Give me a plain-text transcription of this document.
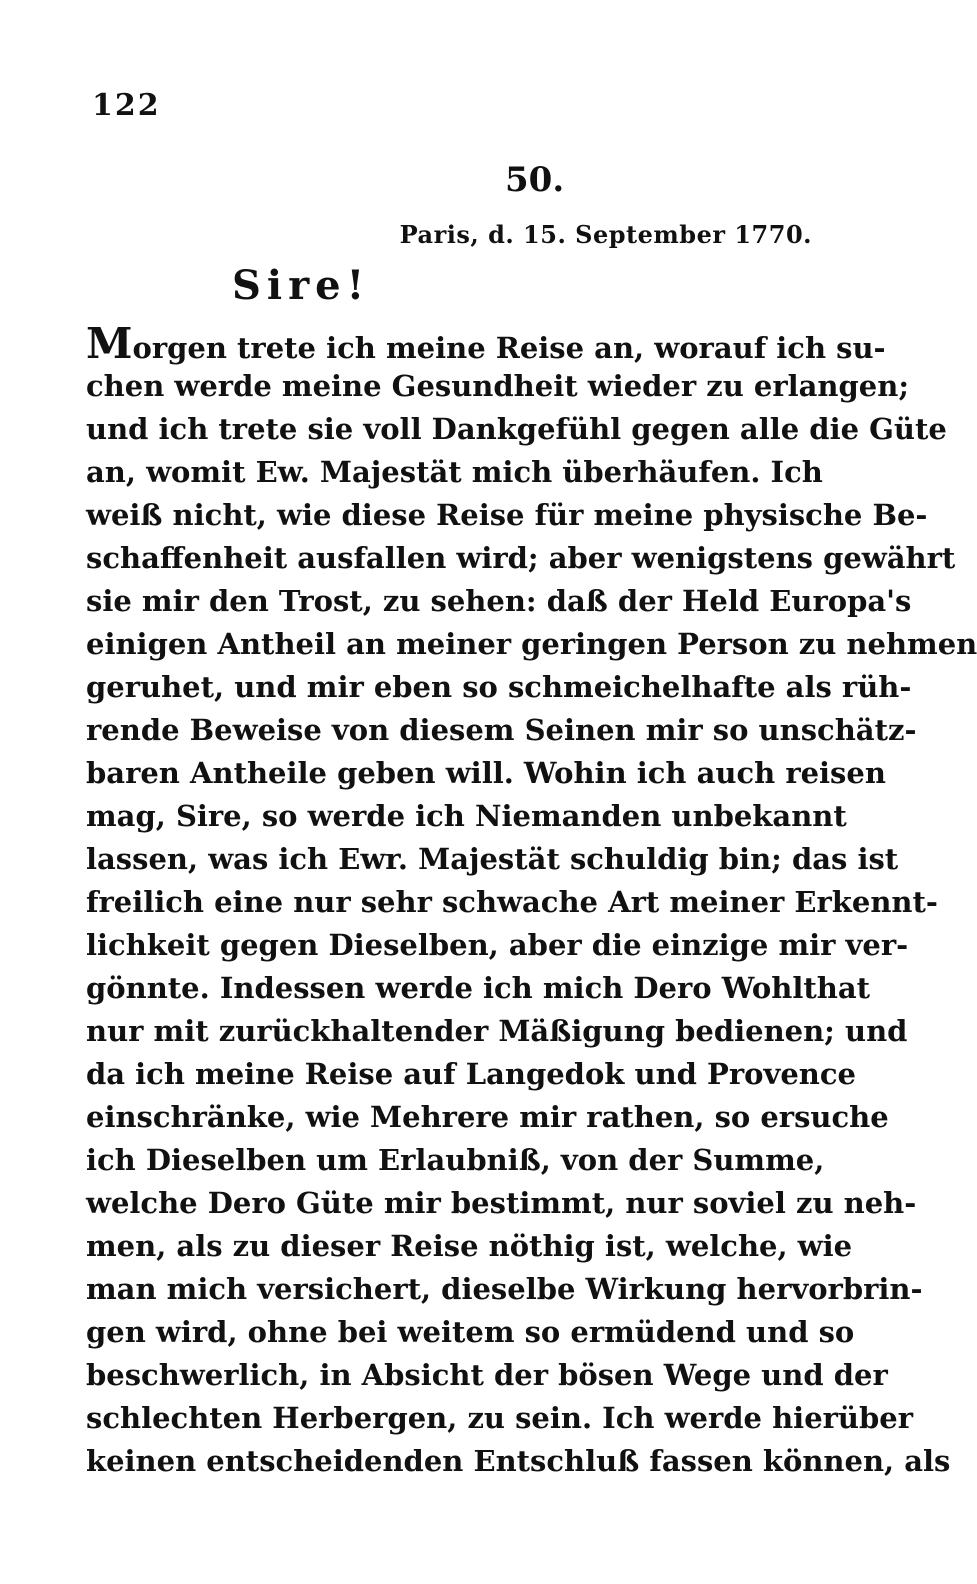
122
50.
Paris, d. 15. September 1770.
Sire!
Morgen trete ich meine Reise an, worauf ich su-
chen werde meine Gesundheit wieder zu erlangen;
und ich trete sie voll Dankgefühl gegen alle die Güte
an, womit Ew. Majestät mich überhäufen. Ich
weiß nicht, wie diese Reise für meine physische Be-
schaffenheit ausfallen wird; aber wenigstens gewährt
sie mir den Trost, zu sehen: daß der Held Europa's
einigen Antheil an meiner geringen Person zu nehmen
geruhet, und mir eben so schmeichelhafte als rüh-
rende Beweise von diesem Seinen mir so unschätz-
baren Antheile geben will. Wohin ich auch reisen
mag, Sire, so werde ich Niemanden unbekannt
lassen, was ich Ewr. Majestät schuldig bin; das ist
freilich eine nur sehr schwache Art meiner Erkennt-
lichkeit gegen Dieselben, aber die einzige mir ver-
gönnte. Indessen werde ich mich Dero Wohlthat
nur mit zurückhaltender Mäßigung bedienen; und
da ich meine Reise auf Langedok und Provence
einschränke, wie Mehrere mir rathen, so ersuche
ich Dieselben um Erlaubniß, von der Summe,
welche Dero Güte mir bestimmt, nur soviel zu neh-
men, als zu dieser Reise nöthig ist, welche, wie
man mich versichert, dieselbe Wirkung hervorbrin-
gen wird, ohne bei weitem so ermüdend und so
beschwerlich, in Absicht der bösen Wege und der
schlechten Herbergen, zu sein. Ich werde hierüber
keinen entscheidenden Entschluß fassen können, als
